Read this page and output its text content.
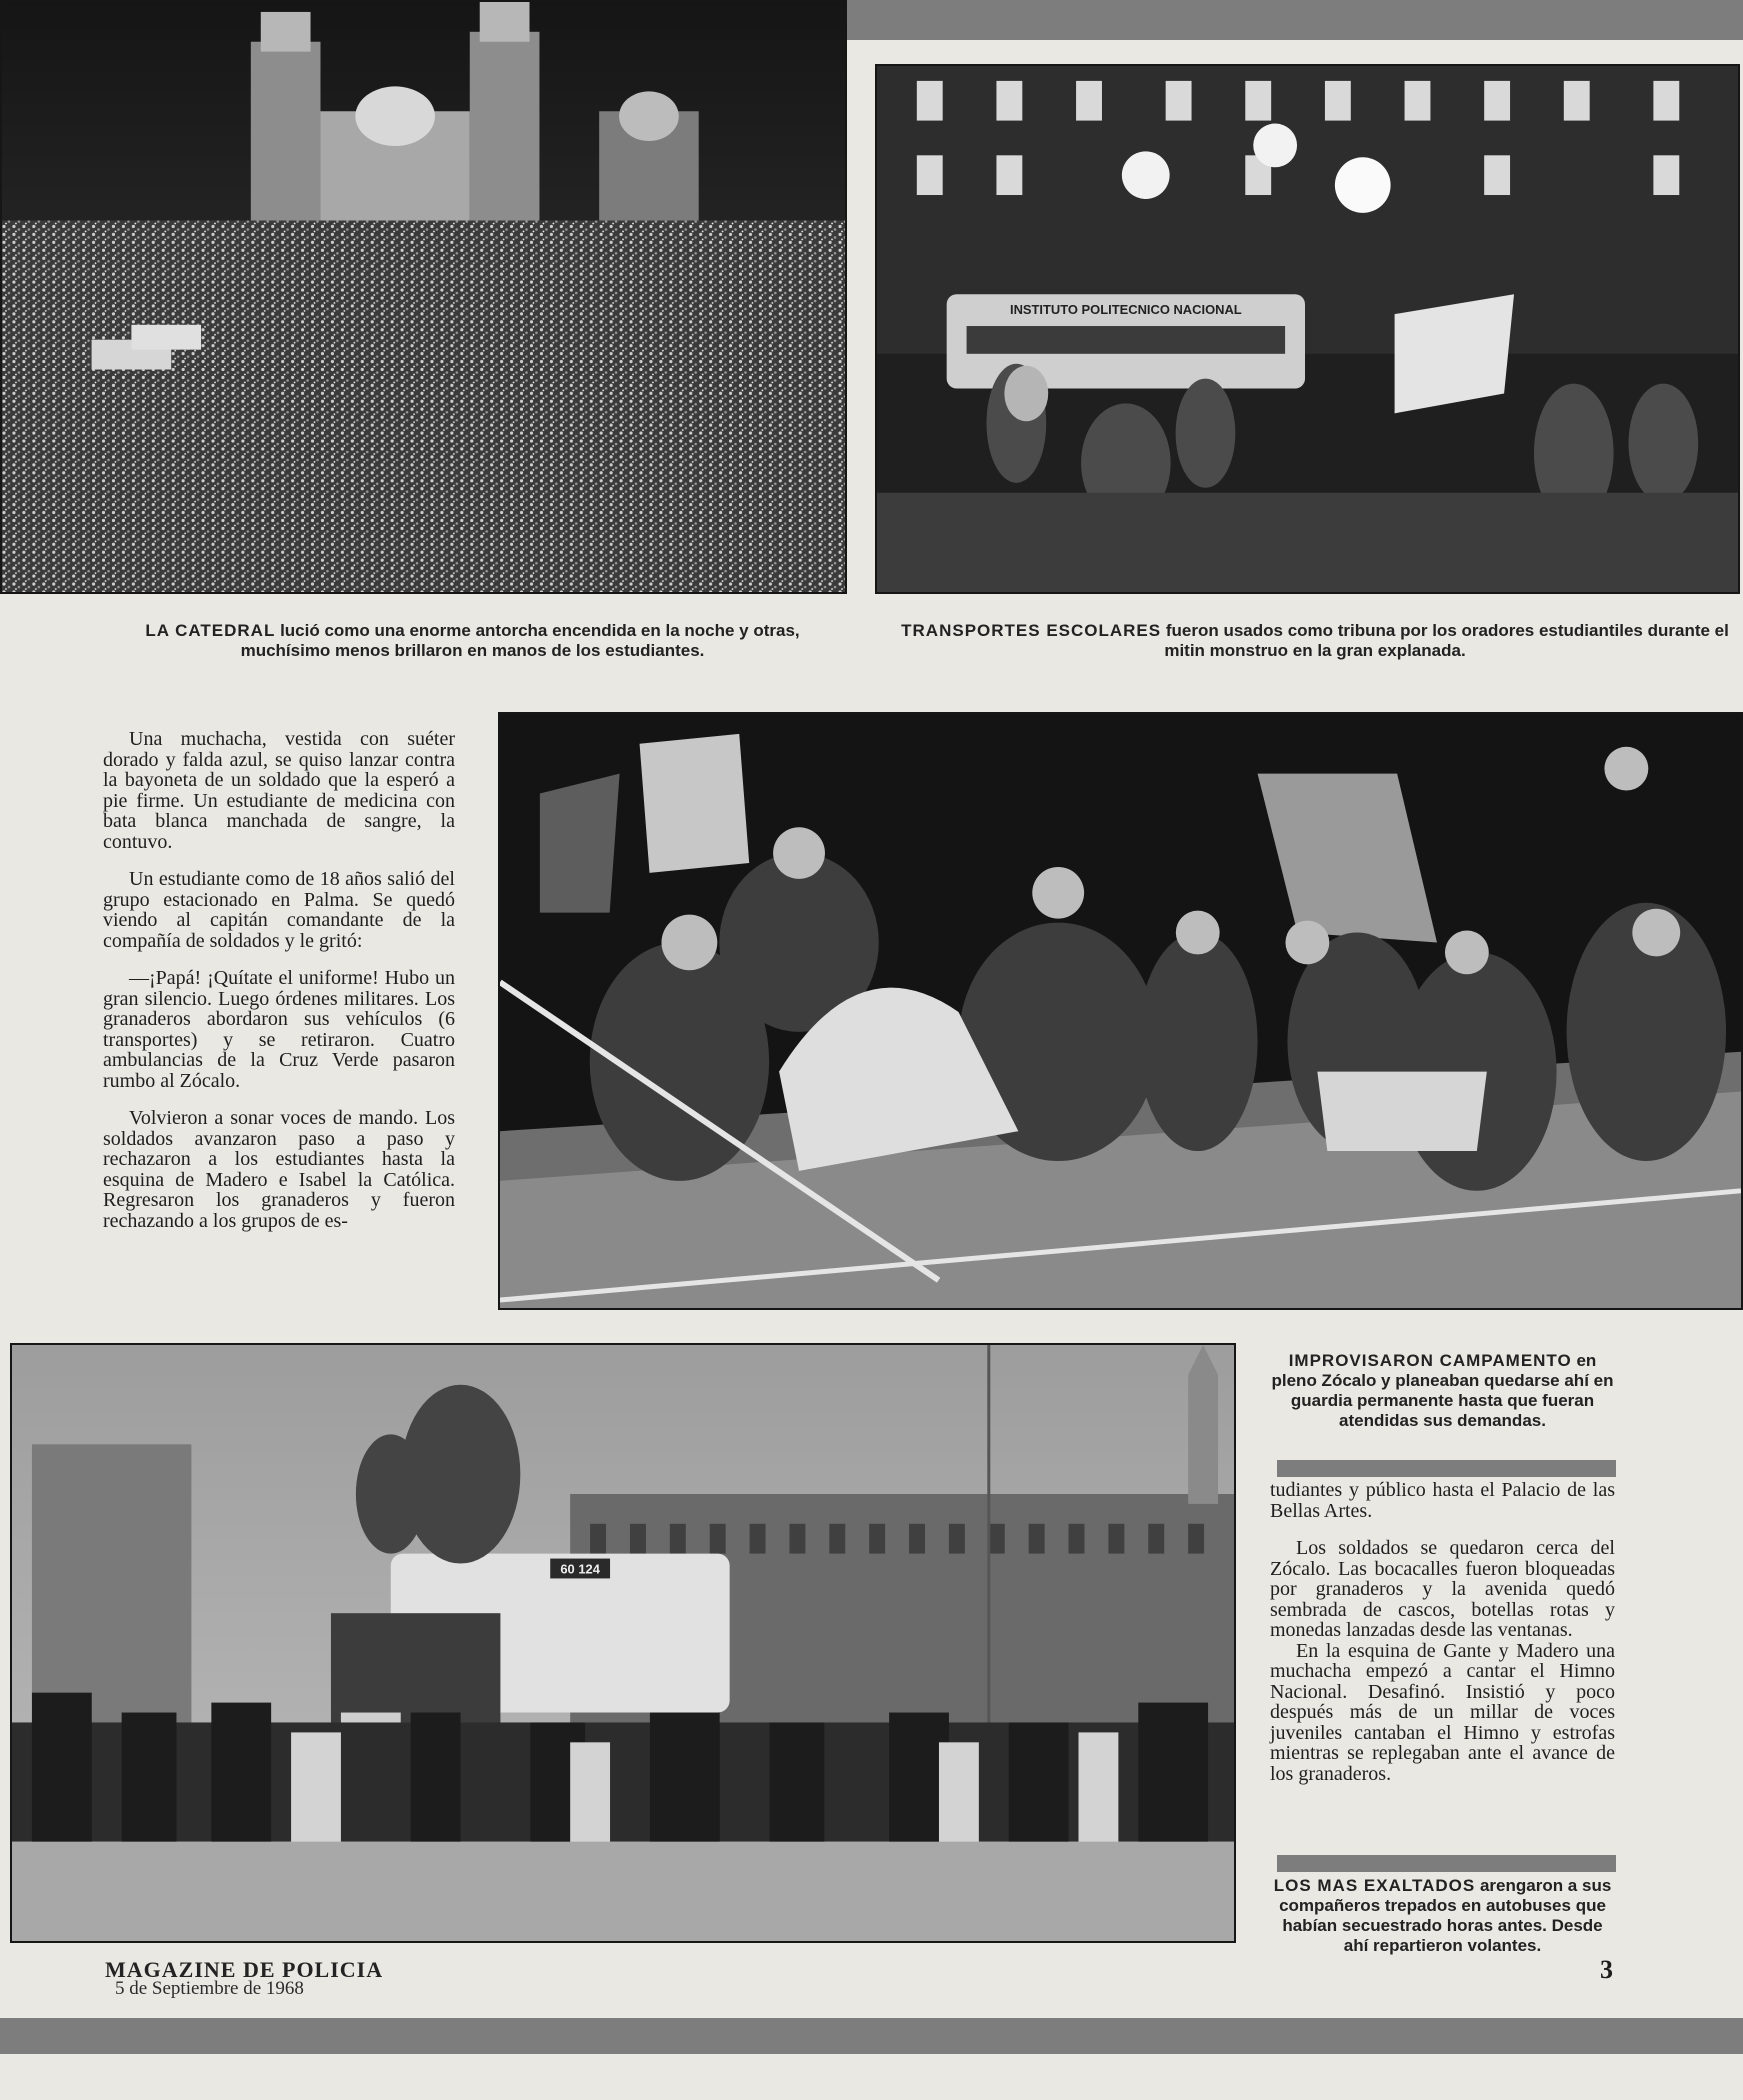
INSTITUTO POLITECNICO NACIONAL
LA CATEDRAL lució como una enorme antorcha encendida en la noche y otras, muchísimo menos brillaron en manos de los estudiantes.
TRANSPORTES ESCOLARES fueron usados como tribuna por los oradores estudiantiles durante el mitin monstruo en la gran explanada.

Una muchacha, vestida con suéter dorado y falda azul, se quiso lanzar contra la bayoneta de un soldado que la esperó a pie firme. Un estudiante de medicina con bata blanca manchada de sangre, la contuvo.

Un estudiante como de 18 años salió del grupo estacionado en Palma. Se quedó viendo al capitán comandante de la compañía de soldados y le gritó:

—¡Papá! ¡Quítate el uniforme! Hubo un gran silencio. Luego órdenes militares. Los granaderos abordaron sus vehículos (6 transportes) y se retiraron. Cuatro ambulancias de la Cruz Verde pasaron rumbo al Zócalo.

Volvieron a sonar voces de mando. Los soldados avanzaron paso a paso y rechazaron a los estudiantes hasta la esquina de Madero e Isabel la Católica. Regresaron los granaderos y fueron rechazando a los grupos de es-

60 124
IMPROVISARON CAMPAMENTO en pleno Zócalo y planeaban quedarse ahí en guardia permanente hasta que fueran atendidas sus demandas.

tudiantes y público hasta el Palacio de las Bellas Artes.

Los soldados se quedaron cerca del Zócalo. Las bocacalles fueron bloqueadas por granaderos y la avenida quedó sembrada de cascos, botellas rotas y monedas lanzadas desde las ventanas.

En la esquina de Gante y Madero una muchacha empezó a cantar el Himno Nacional. Desafinó. Insistió y poco después más de un millar de voces juveniles cantaban el Himno y estrofas mientras se replegaban ante el avance de los granaderos.

LOS MAS EXALTADOS arengaron a sus compañeros trepados en autobuses que habían secuestrado horas antes. Desde ahí repartieron volantes.
MAGAZINE DE POLICIA
5 de Septiembre de 1968
3
